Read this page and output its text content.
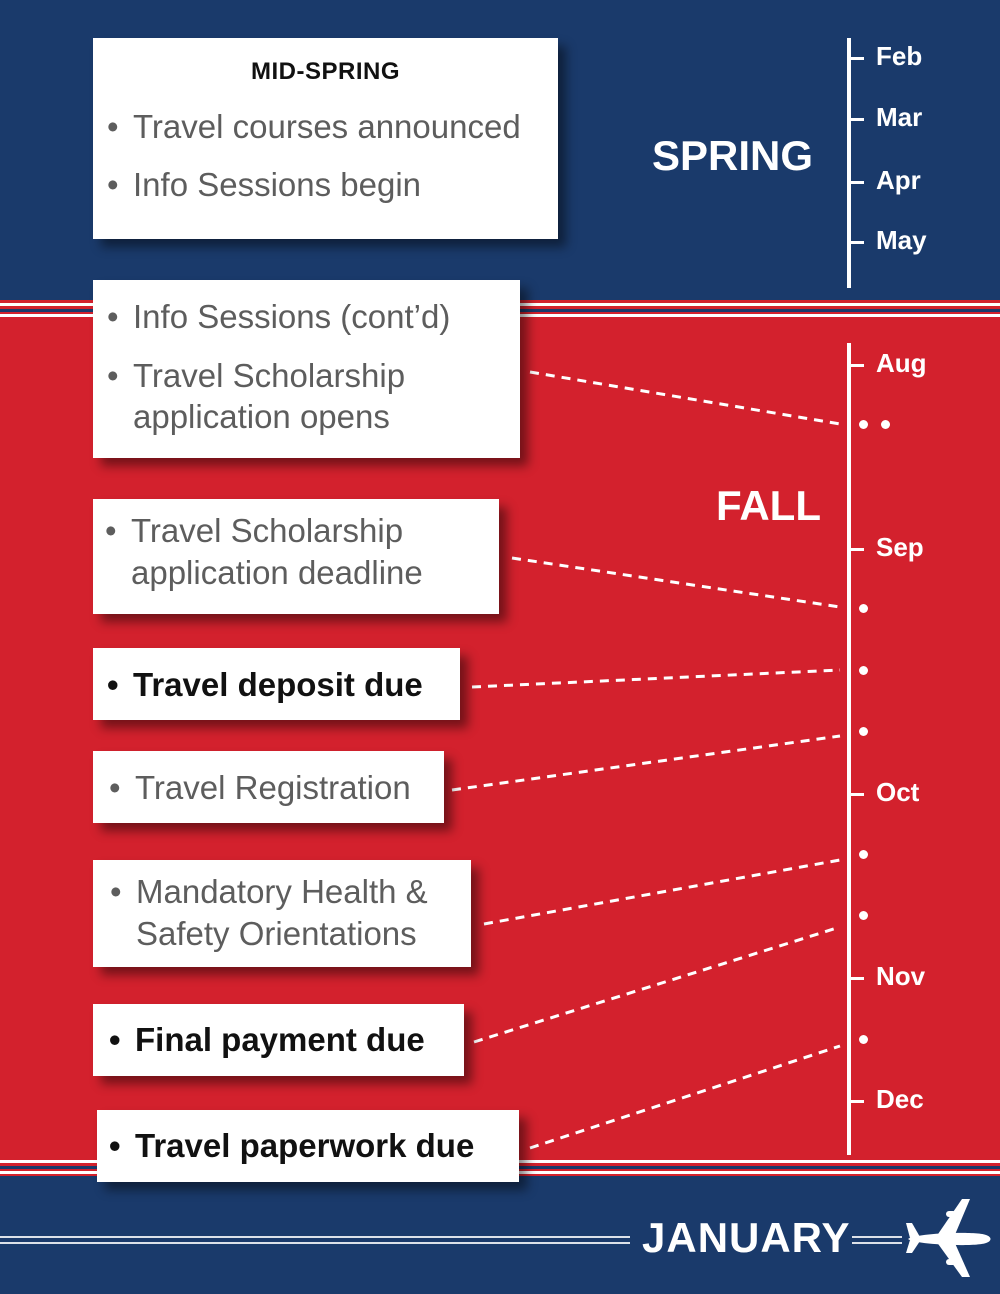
MID-SPRING
• Travel courses announced
• Info Sessions begin
SPRING
Feb
Mar
Apr
May
• Info Sessions (cont’d)
• Travel Scholarship
application opens
• Travel Scholarship
application deadline
• Travel deposit due
• Travel Registration
• Mandatory Health &
Safety Orientations
• Final payment due
• Travel paperwork due
FALL
Aug
Sep
Oct
Nov
Dec
JANUARY
